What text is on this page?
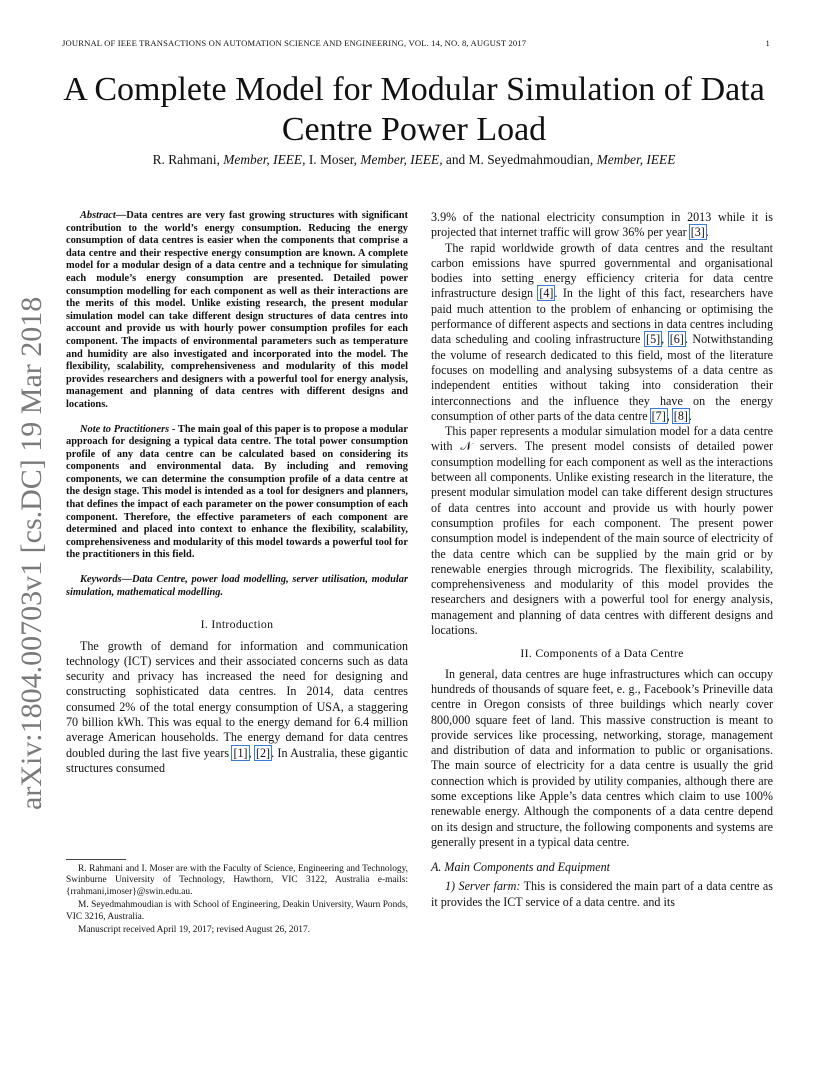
JOURNAL OF IEEE TRANSACTIONS ON AUTOMATION SCIENCE AND ENGINEERING, VOL. 14, NO. 8, AUGUST 2017	1
A Complete Model for Modular Simulation of Data Centre Power Load
R. Rahmani, Member, IEEE, I. Moser, Member, IEEE, and M. Seyedmahmoudian, Member, IEEE
arXiv:1804.00703v1 [cs.DC] 19 Mar 2018

Abstract—Data centres are very fast growing structures with significant contribution to the world’s energy consumption. Reducing the energy consumption of data centres is easier when the components that comprise a data centre and their respective energy consumption are known. A complete model for a modular design of a data centre and a technique for simulating each module’s energy consumption are presented. Detailed power consumption modelling for each component as well as their interactions are the merits of this model. Unlike existing research, the present modular simulation model can take different design structures of data centres into account and provide us with hourly power consumption profiles for each component. The impacts of environmental parameters such as temperature and humidity are also investigated and incorporated into the model. The flexibility, scalability, comprehensiveness and modularity of this model provides researchers and designers with a powerful tool for energy analysis, management and planning of data centres with different designs and locations.

Note to Practitioners - The main goal of this paper is to propose a modular approach for designing a typical data centre. The total power consumption profile of any data centre can be calculated based on considering its components and environmental data. By including and removing components, we can determine the consumption profile of a data centre at the design stage. This model is intended as a tool for designers and planners, that defines the impact of each parameter on the power consumption of each component. Therefore, the effective parameters of each component are determined and placed into context to enhance the flexibility, scalability, comprehensiveness and modularity of this model towards a powerful tool for the practitioners in this field.

Keywords—Data Centre, power load modelling, server utilisation, modular simulation, mathematical modelling.

I. Introduction

The growth of demand for information and communication technology (ICT) services and their associated concerns such as data security and privacy has increased the need for designing and constructing sophisticated data centres. In 2014, data centres consumed 2% of the total energy consumption of USA, a staggering 70 billion kWh. This was equal to the energy demand for 6.4 million average American households. The energy demand for data centres doubled during the last five years [1], [2]. In Australia, these gigantic structures consumed

R. Rahmani and I. Moser are with the Faculty of Science, Engineering and Technology, Swinburne University of Technology, Hawthorn, VIC 3122, Australia e-mails: {rrahmani,imoser}@swin.edu.au.

M. Seyedmahmoudian is with School of Engineering, Deakin University, Waurn Ponds, VIC 3216, Australia.

Manuscript received April 19, 2017; revised August 26, 2017.

3.9% of the national electricity consumption in 2013 while it is projected that internet traffic will grow 36% per year [3].

The rapid worldwide growth of data centres and the resultant carbon emissions have spurred governmental and organisational bodies into setting energy efficiency criteria for data centre infrastructure design [4]. In the light of this fact, researchers have paid much attention to the problem of enhancing or optimising the performance of different aspects and sections in data centres including data scheduling and cooling infrastructure [5], [6]. Notwithstanding the volume of research dedicated to this field, most of the literature focuses on modelling and analysing subsystems of a data centre as independent entities without taking into consideration their interconnections and the influence they have on the energy consumption of other parts of the data centre [7], [8].

This paper represents a modular simulation model for a data centre with 𝒩 servers. The present model consists of detailed power consumption modelling for each component as well as the interactions between all components. Unlike existing research in the literature, the present modular simulation model can take different design structures of data centres into account and provide us with hourly power consumption profiles for each component. The present power consumption model is independent of the main source of electricity of the data centre which can be supplied by the main grid or by renewable energies through microgrids. The flexibility, scalability, comprehensiveness and modularity of this model provides the researchers and designers with a powerful tool for energy analysis, management and planning of data centres with different designs and locations.

II. Components of a Data Centre

In general, data centres are huge infrastructures which can occupy hundreds of thousands of square feet, e. g., Facebook’s Prineville data centre in Oregon consists of three buildings which nearly cover 800,000 square feet of land. This massive construction is meant to provide services like processing, networking, storage, management and distribution of data and information to public or organisations. The main source of electricity for a data centre is usually the grid connection which is provided by utility companies, although there are some exceptions like Apple’s data centres which claim to use 100% renewable energy. Although the components of a data centre depend on its design and structure, the following components and systems are generally present in a typical data centre.

A. Main Components and Equipment

1) Server farm: This is considered the main part of a data centre as it provides the ICT service of a data centre. and its
